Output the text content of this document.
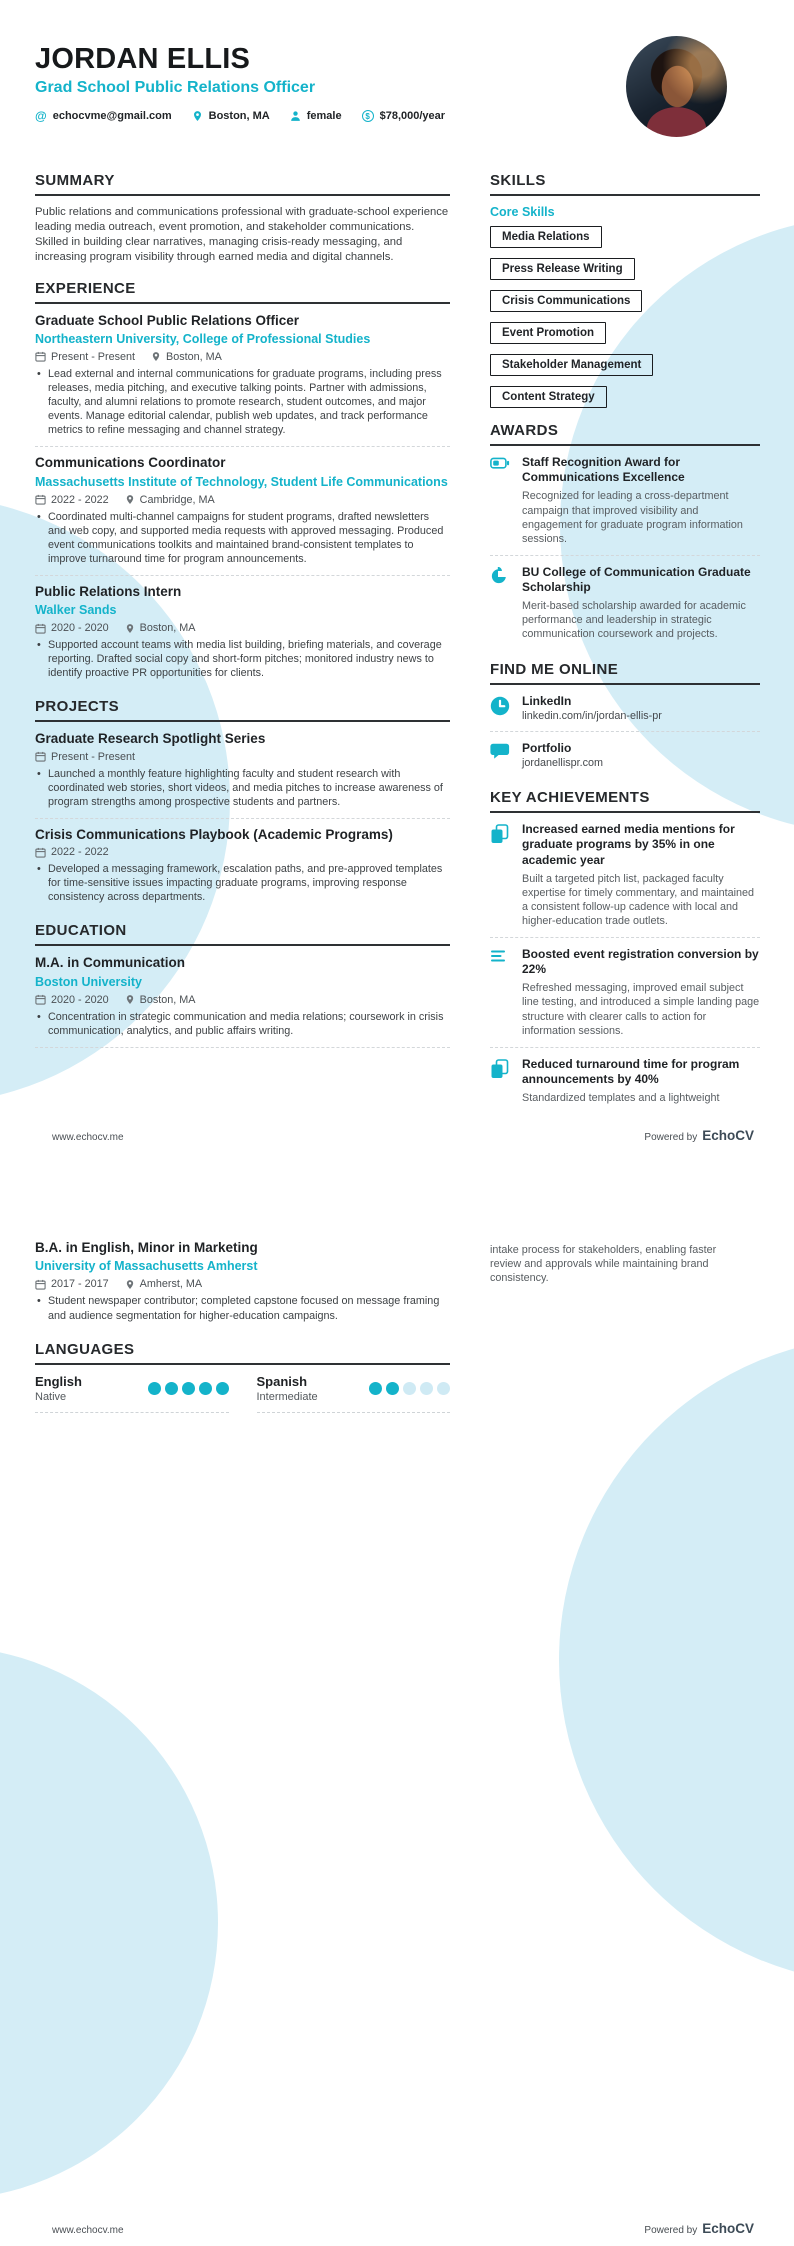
JORDAN ELLIS
Grad School Public Relations Officer
@
echocvme@gmail.com	Boston, MA	female $	$78,000/year
SUMMARY

Public relations and communications professional with graduate-school experience leading media outreach, event promotion, and stakeholder communications. Skilled in building clear narratives, managing crisis-ready messaging, and increasing program visibility through earned media and digital channels.

EXPERIENCE
Graduate School Public Relations Officer
Northeastern University, College of Professional Studies
Present - Present	Boston, MA
• Lead external and internal communications for graduate programs, including press releases, media pitching, and executive talking points. Partner with admissions, faculty, and alumni relations to promote research, student outcomes, and major events. Manage editorial calendar, publish web updates, and track performance metrics to refine messaging and channel strategy.
Communications Coordinator
Massachusetts Institute of Technology, Student Life Communications
2022 - 2022	Cambridge, MA
• Coordinated multi-channel campaigns for student programs, drafted newsletters and web copy, and supported media requests with approved messaging. Produced event communications toolkits and maintained brand-consistent templates to improve turnaround time for program announcements.
Public Relations Intern
Walker Sands
2020 - 2020	Boston, MA
• Supported account teams with media list building, briefing materials, and coverage reporting. Drafted social copy and short-form pitches; monitored industry news to identify proactive PR opportunities for clients.
PROJECTS
Graduate Research Spotlight Series
Present - Present
• Launched a monthly feature highlighting faculty and student research with coordinated web stories, short videos, and media pitches to increase awareness of program strengths among prospective students and partners.
Crisis Communications Playbook (Academic Programs)
2022 - 2022
• Developed a messaging framework, escalation paths, and pre-approved templates for time-sensitive issues impacting graduate programs, improving response consistency across departments.
EDUCATION
M.A. in Communication
Boston University
2020 - 2020	Boston, MA
• Concentration in strategic communication and media relations; coursework in crisis communication, analytics, and public affairs writing.
SKILLS
Core Skills
Media Relations
Press Release Writing
Crisis Communications
Event Promotion
Stakeholder Management
Content Strategy
AWARDS
Staff Recognition Award for Communications Excellence
Recognized for leading a cross-department campaign that improved visibility and engagement for graduate program information sessions.
BU College of Communication Graduate Scholarship
Merit-based scholarship awarded for academic performance and leadership in strategic communication coursework and projects.
FIND ME ONLINE
LinkedIn
linkedin.com/in/jordan-ellis-pr
Portfolio
jordanellispr.com
KEY ACHIEVEMENTS
Increased earned media mentions for graduate programs by 35% in one academic year
Built a targeted pitch list, packaged faculty expertise for timely commentary, and maintained a consistent follow-up cadence with local and higher-education trade outlets.
Boosted event registration conversion by 22%
Refreshed messaging, improved email subject line testing, and introduced a simple landing page structure with clearer calls to action for information sessions.
Reduced turnaround time for program announcements by 40%
Standardized templates and a lightweight
www.echocv.me	Powered by EchoCV
B.A. in English, Minor in Marketing
University of Massachusetts Amherst
2017 - 2017	Amherst, MA
• Student newspaper contributor; completed capstone focused on message framing and audience segmentation for higher-education campaigns.
LANGUAGES
English
Native
Spanish
Intermediate
intake process for stakeholders, enabling faster review and approvals while maintaining brand consistency.
www.echocv.me	Powered by EchoCV
